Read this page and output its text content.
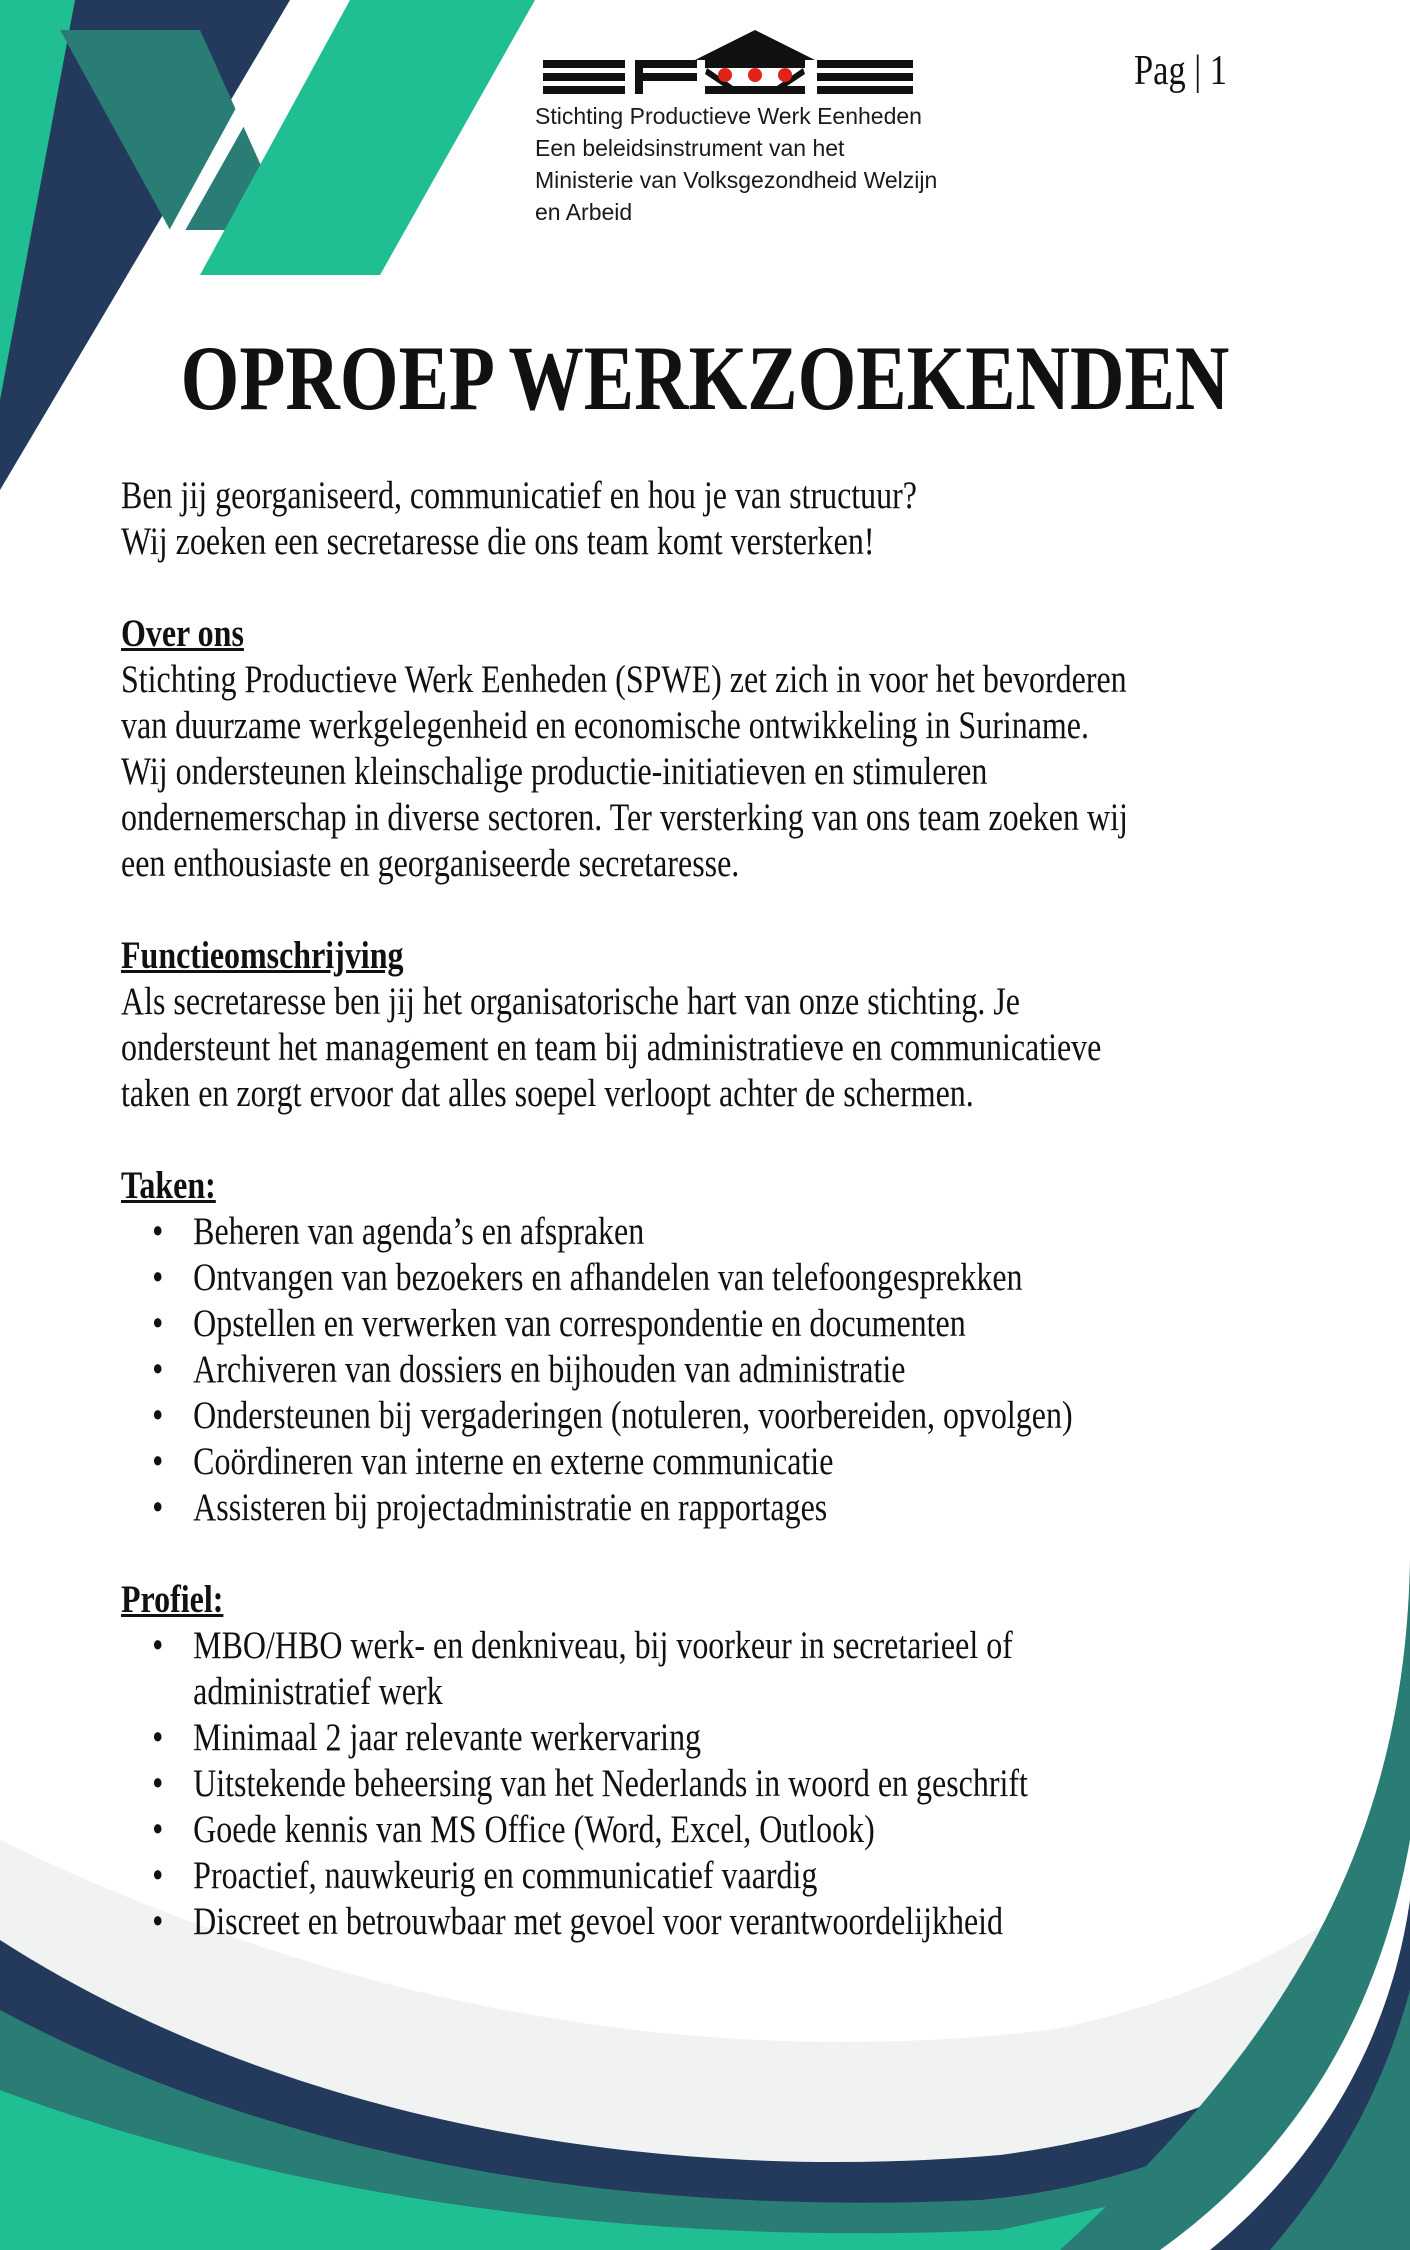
Stichting Productieve Werk Eenheden
Een beleidsinstrument van het
Ministerie van Volksgezondheid Welzijn
en Arbeid
Pag | 1
OPROEP WERKZOEKENDEN

Ben jij georganiseerd, communicatief en hou je van structuur?

Wij zoeken een secretaresse die ons team komt versterken!

Over ons

Stichting Productieve Werk Eenheden (SPWE) zet zich in voor het bevorderen

van duurzame werkgelegenheid en economische ontwikkeling in Suriname.

Wij ondersteunen kleinschalige productie-initiatieven en stimuleren

ondernemerschap in diverse sectoren. Ter versterking van ons team zoeken wij

een enthousiaste en georganiseerde secretaresse.

Functieomschrijving

Als secretaresse ben jij het organisatorische hart van onze stichting. Je

ondersteunt het management en team bij administratieve en communicatieve

taken en zorgt ervoor dat alles soepel verloopt achter de schermen.

Taken:

• Beheren van agenda’s en afspraken
• Ontvangen van bezoekers en afhandelen van telefoongesprekken
• Opstellen en verwerken van correspondentie en documenten
• Archiveren van dossiers en bijhouden van administratie
• Ondersteunen bij vergaderingen (notuleren, voorbereiden, opvolgen)
• Coördineren van interne en externe communicatie
• Assisteren bij projectadministratie en rapportages

Profiel:

• MBO/HBO werk- en denkniveau, bij voorkeur in secretarieel of
administratief werk
• Minimaal 2 jaar relevante werkervaring
• Uitstekende beheersing van het Nederlands in woord en geschrift
• Goede kennis van MS Office (Word, Excel, Outlook)
• Proactief, nauwkeurig en communicatief vaardig
• Discreet en betrouwbaar met gevoel voor verantwoordelijkheid
